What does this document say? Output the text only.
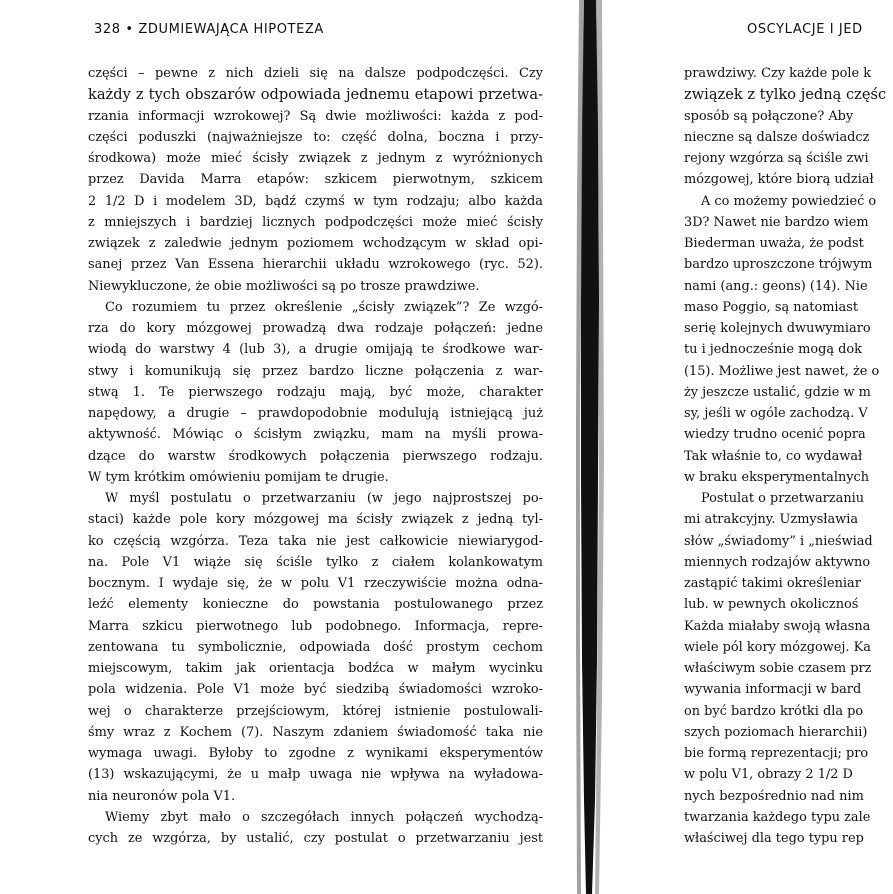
328 • ZDUMIEWAJĄCA HIPOTEZA
części – pewne z nich dzieli się na dalsze podpodczęści. Czy
każdy z tych obszarów odpowiada jednemu etapowi przetwa-
rzania informacji wzrokowej? Są dwie możliwości: każda z pod-
części poduszki (najważniejsze to: część dolna, boczna i przy-
środkowa) może mieć ścisły związek z jednym z wyróżnionych
przez Davida Marra etapów: szkicem pierwotnym, szkicem
2 1/2 D i modelem 3D, bądź czymś w tym rodzaju; albo każda
z mniejszych i bardziej licznych podpodczęści może mieć ścisły
związek z zaledwie jednym poziomem wchodzącym w skład opi-
sanej przez Van Essena hierarchii układu wzrokowego (ryc. 52).
Niewykluczone, że obie możliwości są po trosze prawdziwe.
Co rozumiem tu przez określenie „ścisły związek”? Ze wzgó-
rza do kory mózgowej prowadzą dwa rodzaje połączeń: jedne
wiodą do warstwy 4 (lub 3), a drugie omijają te środkowe war-
stwy i komunikują się przez bardzo liczne połączenia z war-
stwą 1. Te pierwszego rodzaju mają, być może, charakter
napędowy, a drugie – prawdopodobnie modulują istniejącą już
aktywność. Mówiąc o ścisłym związku, mam na myśli prowa-
dzące do warstw środkowych połączenia pierwszego rodzaju.
W tym krótkim omówieniu pomijam te drugie.
W myśl postulatu o przetwarzaniu (w jego najprostszej po-
staci) każde pole kory mózgowej ma ścisły związek z jedną tyl-
ko częścią wzgórza. Teza taka nie jest całkowicie niewiarygod-
na. Pole V1 wiąże się ściśle tylko z ciałem kolankowatym
bocznym. I wydaje się, że w polu V1 rzeczywiście można odna-
leźć elementy konieczne do powstania postulowanego przez
Marra szkicu pierwotnego lub podobnego. Informacja, repre-
zentowana tu symbolicznie, odpowiada dość prostym cechom
miejscowym, takim jak orientacja bodźca w małym wycinku
pola widzenia. Pole V1 może być siedzibą świadomości wzroko-
wej o charakterze przejściowym, której istnienie postulowali-
śmy wraz z Kochem (7). Naszym zdaniem świadomość taka nie
wymaga uwagi. Byłoby to zgodne z wynikami eksperymentów
(13) wskazującymi, że u małp uwaga nie wpływa na wyładowa-
nia neuronów pola V1.
Wiemy zbyt mało o szczegółach innych połączeń wychodzą-
cych ze wzgórza, by ustalić, czy postulat o przetwarzaniu jest
OSCYLACJE I JED
prawdziwy. Czy każde pole k
związek z tylko jedną częśc
sposób są połączone? Aby
nieczne są dalsze doświadcz
rejony wzgórza są ściśle zwi
mózgowej, które biorą udział
A co możemy powiedzieć o
3D? Nawet nie bardzo wiem
Biederman uważa, że podst
bardzo uproszczone trójwym
nami (ang.: geons) (14). Nie
maso Poggio, są natomiast
serię kolejnych dwuwymiaro
tu i jednocześnie mogą dok
(15). Możliwe jest nawet, że o
ży jeszcze ustalić, gdzie w m
sy, jeśli w ogóle zachodzą. V
wiedzy trudno ocenić popra
Tak właśnie to, co wydawał
w braku eksperymentalnych
Postulat o przetwarzaniu
mi atrakcyjny. Uzmysławia
słów „świadomy” i „nieświad
miennych rodzajów aktywno
zastąpić takimi określeniar
lub. w pewnych okolicznoś
Każda miałaby swoją własna
wiele pól kory mózgowej. Ka
właściwym sobie czasem prz
wywania informacji w bard
on być bardzo krótki dla po
szych poziomach hierarchii)
bie formą reprezentacji; pro
w polu V1, obrazy 2 1/2 D
nych bezpośrednio nad nim
twarzania każdego typu zale
właściwej dla tego typu rep
